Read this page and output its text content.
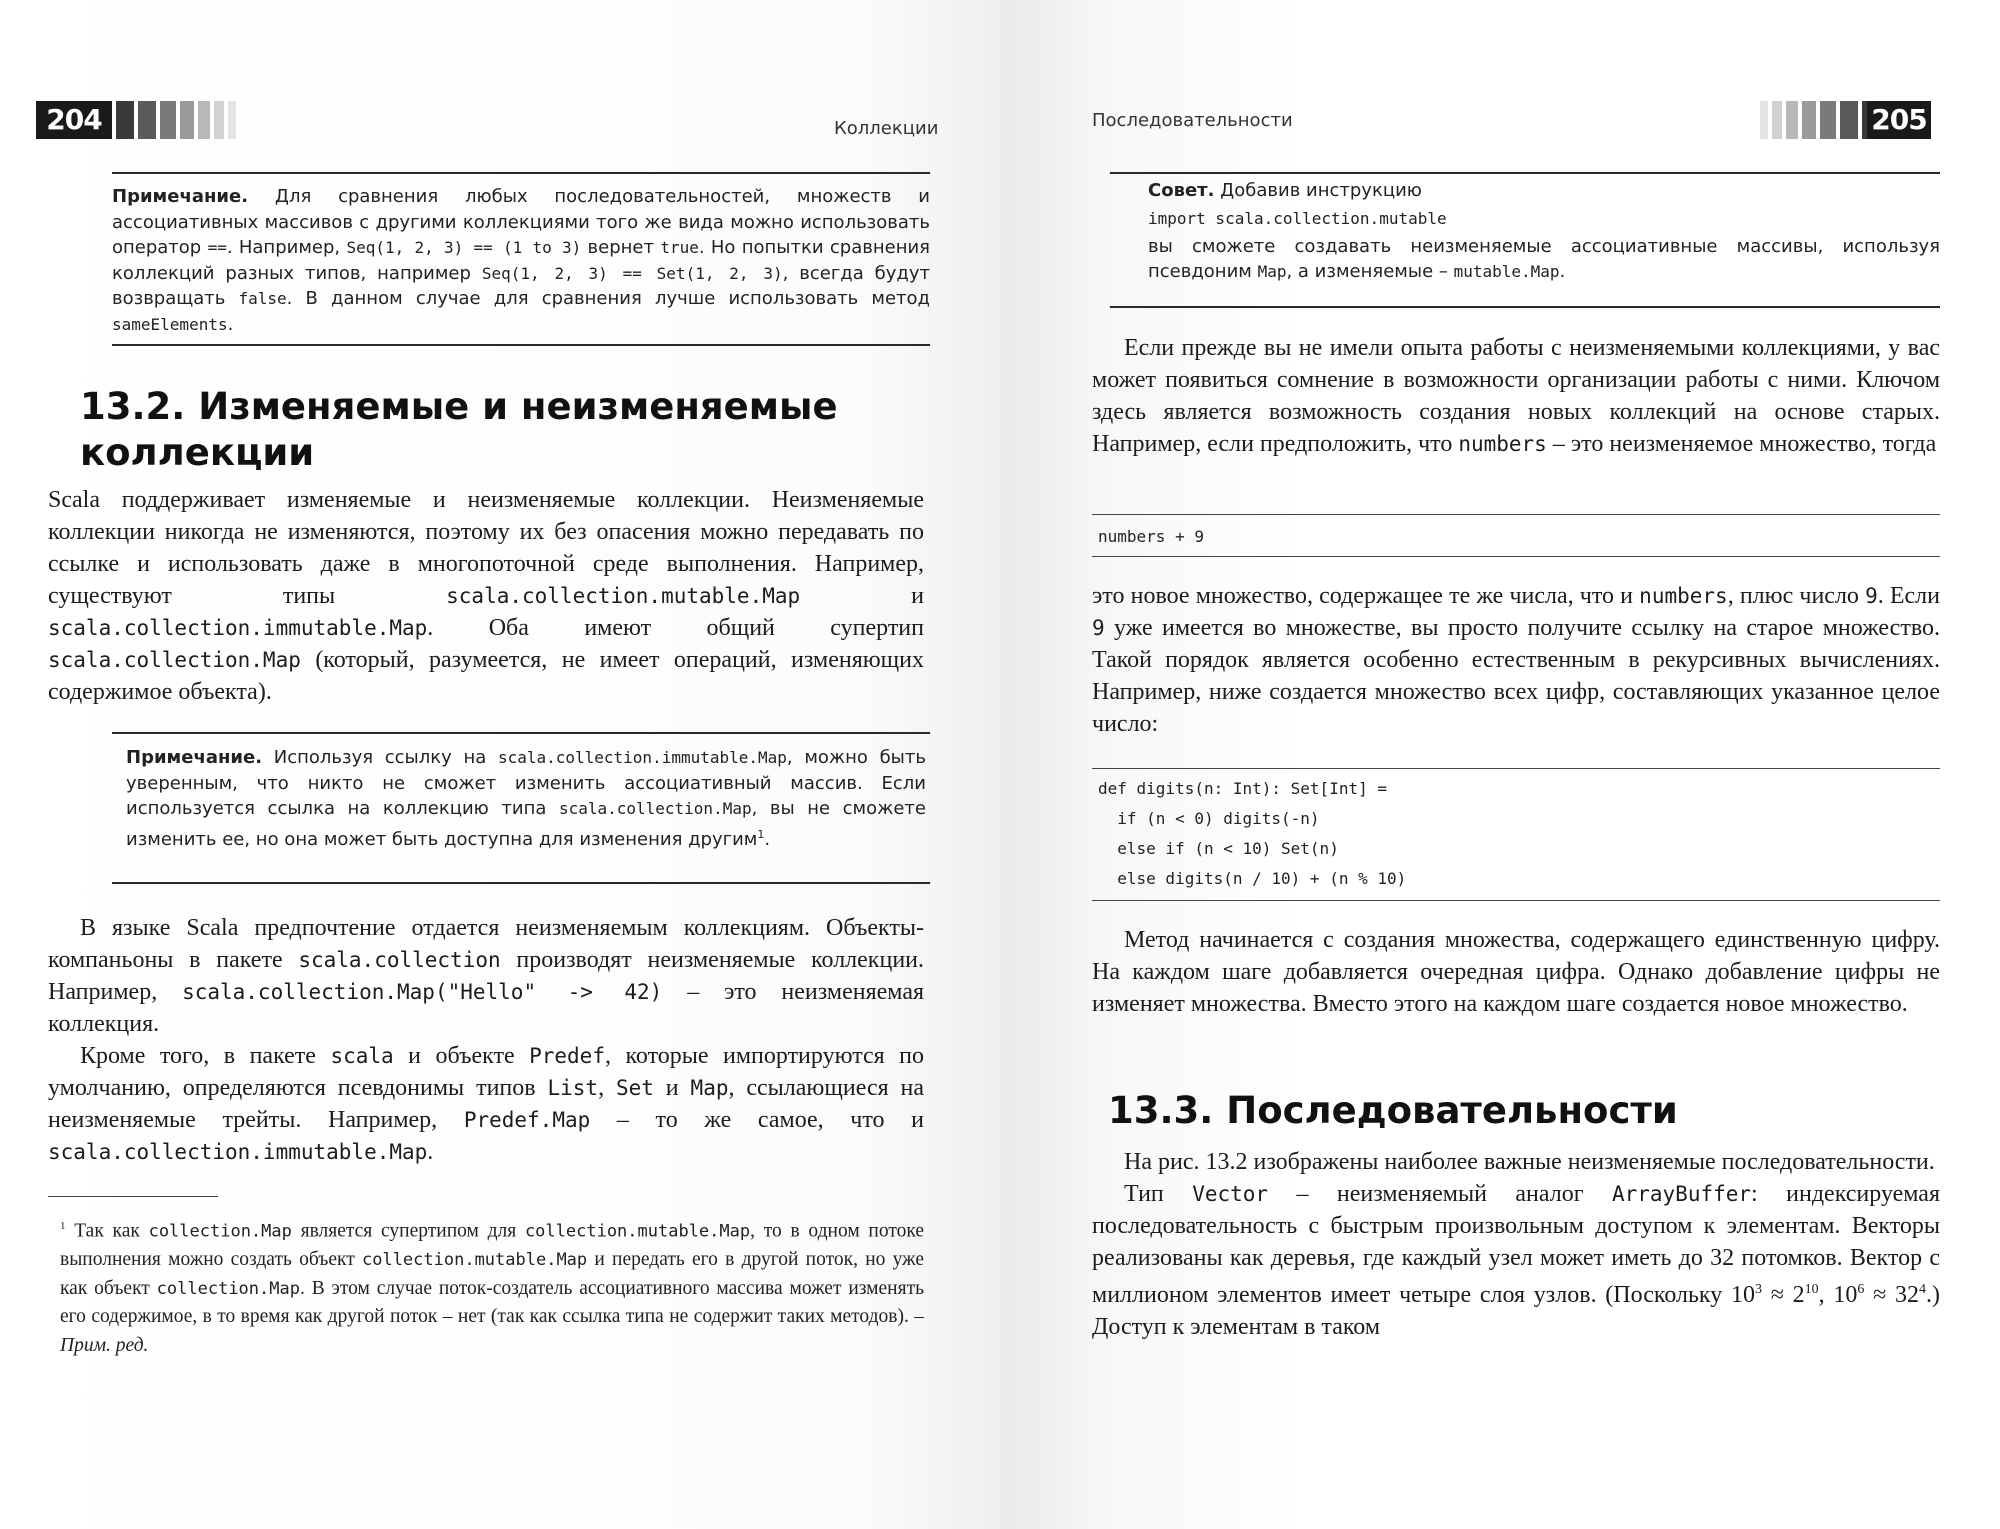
204	Коллекции
Примечание. Для сравнения любых последовательностей, множеств и ассоциативных массивов с другими коллекциями того же вида можно использовать оператор ==. Например, Seq(1, 2, 3) == (1 to 3) вернет true. Но попытки сравнения коллекций разных типов, например Seq(1, 2, 3) == Set(1, 2, 3), всегда будут возвращать false. В данном случае для сравнения лучше использовать метод sameElements.
13.2. Изменяемые и неизменяемые коллекции

Scala поддерживает изменяемые и неизменяемые коллекции. Неизменяемые коллекции никогда не изменяются, поэтому их без опасения можно передавать по ссылке и использовать даже в многопоточной среде выполнения. Например, существуют типы scala.collection.mutable.Map и scala.collection.immutable.Map. Оба имеют общий супертип scala.collection.Map (который, разумеется, не имеет операций, изменяющих содержимое объекта).

Примечание. Используя ссылку на scala.collection.immutable.Map, можно быть уверенным, что никто не сможет изменить ассоциативный массив. Если используется ссылка на коллекцию типа scala.collection.Map, вы не сможете изменить ее, но она может быть доступна для изменения другим$^1$.

В языке Scala предпочтение отдается неизменяемым коллекциям. Объекты-компаньоны в пакете scala.collection производят неизменяемые коллекции. Например, scala.collection.Map("Hello" -> 42) – это неизменяемая коллекция.

Кроме того, в пакете scala и объекте Predef, которые импортируются по умолчанию, определяются псевдонимы типов List, Set и Map, ссылающиеся на неизменяемые трейты. Например, Predef.Map – то же самое, что и scala.collection.immutable.Map.

$^1$ Так как collection.Map является супертипом для collection.mutable.Map, то в одном потоке выполнения можно создать объект collection.mutable.Map и передать его в другой поток, но уже как объект collection.Map. В этом случае поток-создатель ассоциативного массива может изменять его содержимое, в то время как другой поток – нет (так как ссылка типа не содержит таких методов). – Прим. ред.
Последовательности	205
Совет. Добавив инструкцию
import scala.collection.mutable
вы сможете создавать неизменяемые ассоциативные массивы, используя псевдоним Map, а изменяемые – mutable.Map.

Если прежде вы не имели опыта работы с неизменяемыми коллекциями, у вас может появиться сомнение в возможности организации работы с ними. Ключом здесь является возможность создания новых коллекций на основе старых. Например, если предположить, что numbers – это неизменяемое множество, тогда

numbers + 9

это новое множество, содержащее те же числа, что и numbers, плюс число 9. Если 9 уже имеется во множестве, вы просто получите ссылку на старое множество. Такой порядок является особенно естественным в рекурсивных вычислениях. Например, ниже создается множество всех цифр, составляющих указанное целое число:

def digits(n: Int): Set[Int] =
if (n < 0) digits(-n)
else if (n < 10) Set(n)
else digits(n / 10) + (n % 10)

Метод начинается с создания множества, содержащего единственную цифру. На каждом шаге добавляется очередная цифра. Однако добавление цифры не изменяет множества. Вместо этого на каждом шаге создается новое множество.

13.3. Последовательности

На рис. 13.2 изображены наиболее важные неизменяемые последовательности.

Тип Vector – неизменяемый аналог ArrayBuffer: индексируемая последовательность с быстрым произвольным доступом к элементам. Векторы реализованы как деревья, где каждый узел может иметь до 32 потомков. Вектор с миллионом элементов имеет четыре слоя узлов. (Поскольку $10^3 \approx 2^{10}$, $10^6 \approx 32^4$.) Доступ к элементам в таком
